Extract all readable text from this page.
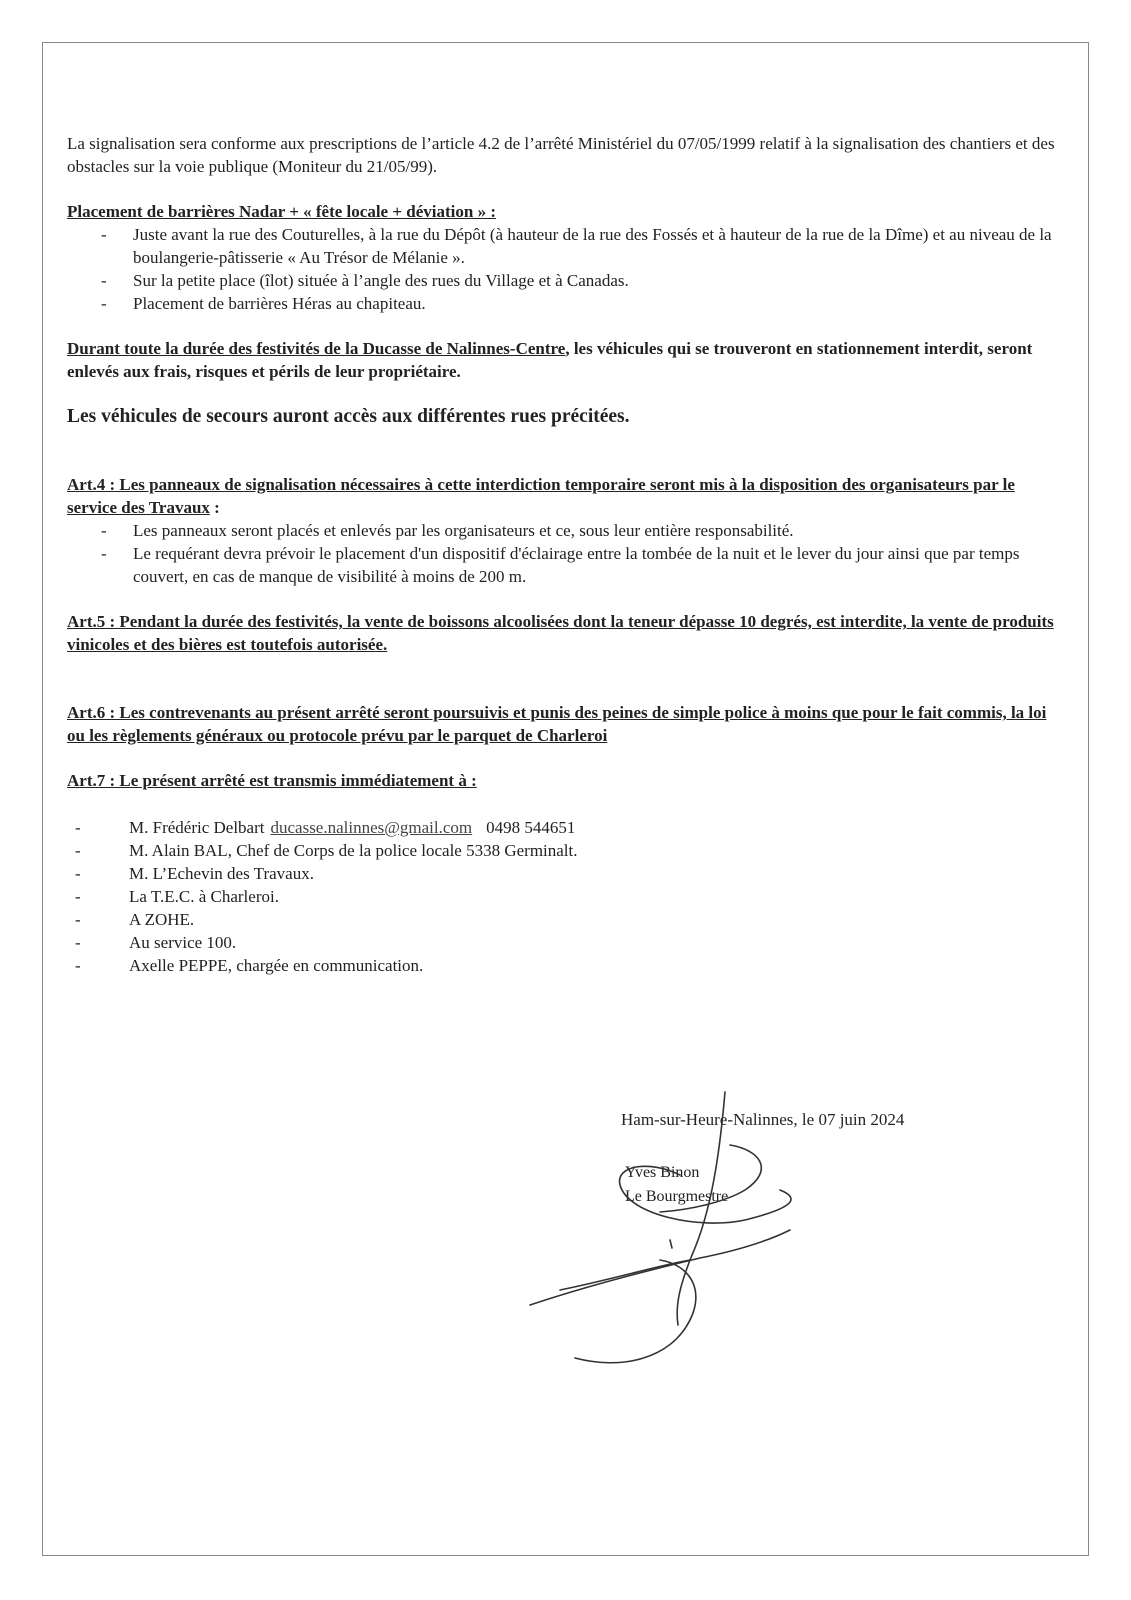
La signalisation sera conforme aux prescriptions de l’article 4.2 de l’arrêté Ministériel du 07/05/1999 relatif à la signalisation des chantiers et des obstacles sur la voie publique (Moniteur du 21/05/99).

Placement de barrières Nadar + « fête locale + déviation » :

- Juste avant la rue des Couturelles, à la rue du Dépôt (à hauteur de la rue des Fossés et à hauteur de la rue de la Dîme) et au niveau de la boulangerie-pâtisserie « Au Trésor de Mélanie ».
- Sur la petite place (îlot) située à l’angle des rues du Village et à Canadas.
- Placement de barrières Héras au chapiteau.

Durant toute la durée des festivités de la Ducasse de Nalinnes-Centre, les véhicules qui se trouveront en stationnement interdit, seront enlevés aux frais, risques et périls de leur propriétaire.

Les véhicules de secours auront accès aux différentes rues précitées.

Art.4 : Les panneaux de signalisation nécessaires à cette interdiction temporaire seront mis à la disposition des organisateurs par le service des Travaux :

- Les panneaux seront placés et enlevés par les organisateurs et ce, sous leur entière responsabilité.
- Le requérant devra prévoir le placement d'un dispositif d'éclairage entre la tombée de la nuit et le lever du jour ainsi que par temps couvert, en cas de manque de visibilité à moins de 200 m.

Art.5 : Pendant la durée des festivités, la vente de boissons alcoolisées dont la teneur dépasse 10 degrés, est interdite, la vente de produits vinicoles et des bières est toutefois autorisée.

Art.6 : Les contrevenants au présent arrêté seront poursuivis et punis des peines de simple police à moins que pour le fait commis, la loi ou les règlements généraux ou protocole prévu par le parquet de Charleroi

Art.7 : Le présent arrêté est transmis immédiatement à :

- M. Frédéric Delbart ducasse.nalinnes@gmail.com 0498 544651
- M. Alain BAL, Chef de Corps de la police locale 5338 Germinalt.
- M. L’Echevin des Travaux.
- La T.E.C. à Charleroi.
- A ZOHE.
- Au service 100.
- Axelle PEPPE, chargée en communication.
Ham-sur-Heure-Nalinnes, le 07 juin 2024
Yves Binon
Le Bourgmestre
